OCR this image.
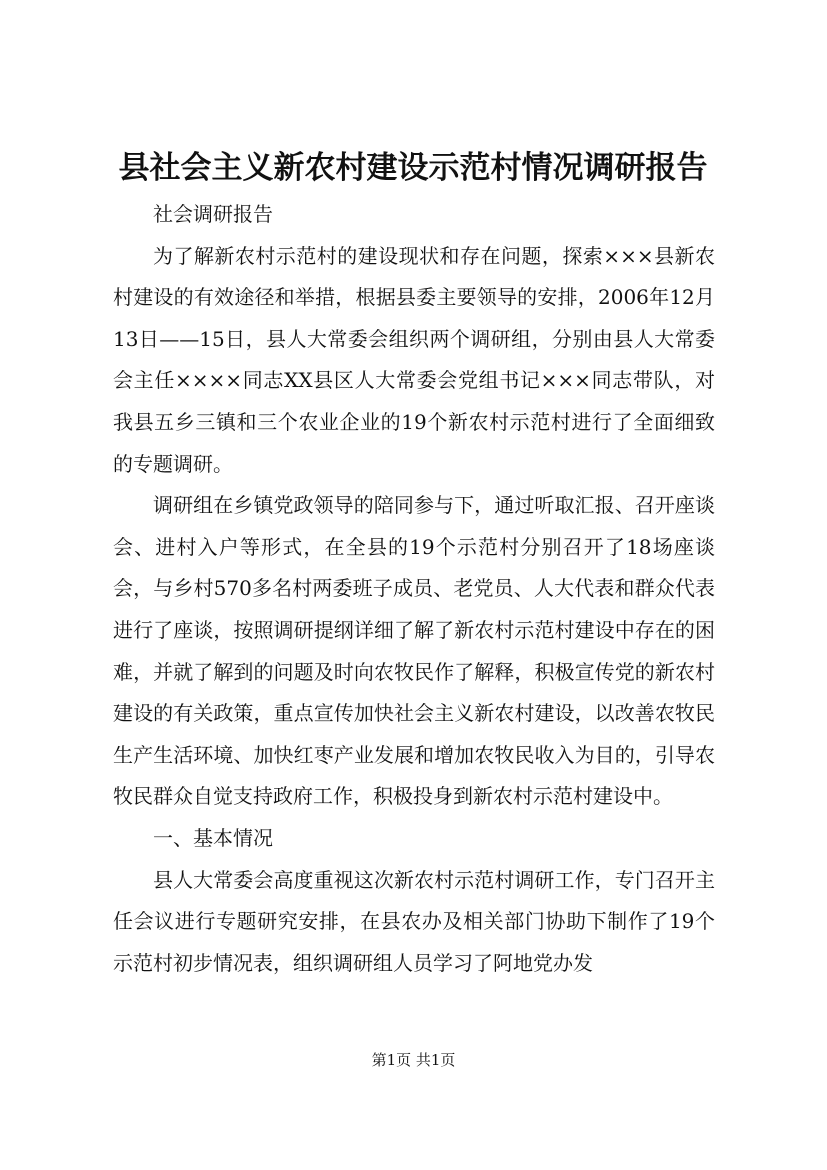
县社会主义新农村建设示范村情况调研报告

社会调研报告

为了解新农村示范村的建设现状和存在问题，探索×××县新农村建设的有效途径和举措，根据县委主要领导的安排，2006年12月13日——15日，县人大常委会组织两个调研组，分别由县人大常委会主任××××同志XX县区人大常委会党组书记×××同志带队，对我县五乡三镇和三个农业企业的19个新农村示范村进行了全面细致的专题调研。

调研组在乡镇党政领导的陪同参与下，通过听取汇报、召开座谈会、进村入户等形式，在全县的19个示范村分别召开了18场座谈会，与乡村570多名村两委班子成员、老党员、人大代表和群众代表进行了座谈，按照调研提纲详细了解了新农村示范村建设中存在的困难，并就了解到的问题及时向农牧民作了解释，积极宣传党的新农村建设的有关政策，重点宣传加快社会主义新农村建设，以改善农牧民生产生活环境、加快红枣产业发展和增加农牧民收入为目的，引导农牧民群众自觉支持政府工作，积极投身到新农村示范村建设中。

一、基本情况

县人大常委会高度重视这次新农村示范村调研工作，专门召开主任会议进行专题研究安排，在县农办及相关部门协助下制作了19个示范村初步情况表，组织调研组人员学习了阿地党办发

第1页 共1页
